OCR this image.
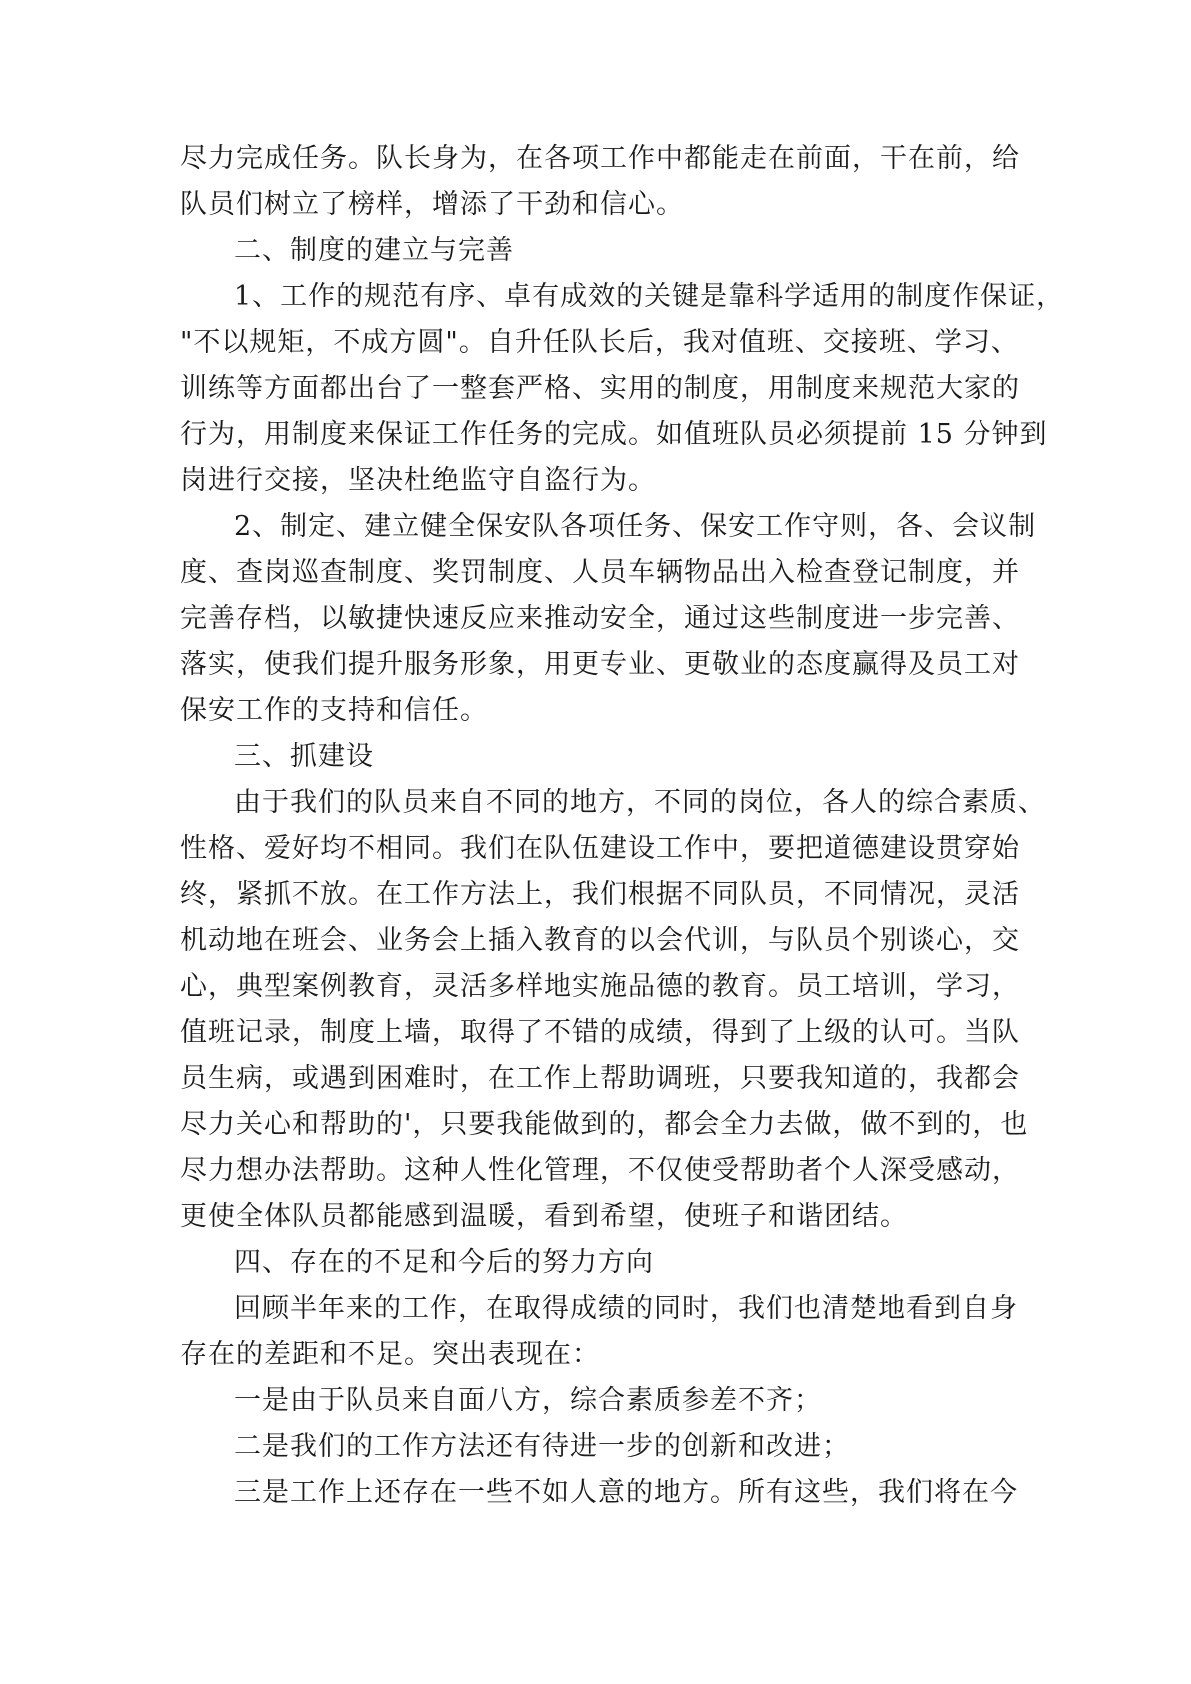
尽力完成任务。队长身为，在各项工作中都能走在前面，干在前，给
队员们树立了榜样，增添了干劲和信心。
二、制度的建立与完善
1、工作的规范有序、卓有成效的关键是靠科学适用的制度作保证，
"不以规矩，不成方圆"。自升任队长后，我对值班、交接班、学习、
训练等方面都出台了一整套严格、实用的制度，用制度来规范大家的
行为，用制度来保证工作任务的完成。如值班队员必须提前 15 分钟到
岗进行交接，坚决杜绝监守自盗行为。
2、制定、建立健全保安队各项任务、保安工作守则，各、会议制
度、查岗巡查制度、奖罚制度、人员车辆物品出入检查登记制度，并
完善存档，以敏捷快速反应来推动安全，通过这些制度进一步完善、
落实，使我们提升服务形象，用更专业、更敬业的态度赢得及员工对
保安工作的支持和信任。
三、抓建设
由于我们的队员来自不同的地方，不同的岗位，各人的综合素质、
性格、爱好均不相同。我们在队伍建设工作中，要把道德建设贯穿始
终，紧抓不放。在工作方法上，我们根据不同队员，不同情况，灵活
机动地在班会、业务会上插入教育的以会代训，与队员个别谈心，交
心，典型案例教育，灵活多样地实施品德的教育。员工培训，学习，
值班记录，制度上墙，取得了不错的成绩，得到了上级的认可。当队
员生病，或遇到困难时，在工作上帮助调班，只要我知道的，我都会
尽力关心和帮助的'，只要我能做到的，都会全力去做，做不到的，也
尽力想办法帮助。这种人性化管理，不仅使受帮助者个人深受感动，
更使全体队员都能感到温暖，看到希望，使班子和谐团结。
四、存在的不足和今后的努力方向
回顾半年来的工作，在取得成绩的同时，我们也清楚地看到自身
存在的差距和不足。突出表现在：
一是由于队员来自面八方，综合素质参差不齐；
二是我们的工作方法还有待进一步的创新和改进；
三是工作上还存在一些不如人意的地方。所有这些，我们将在今
